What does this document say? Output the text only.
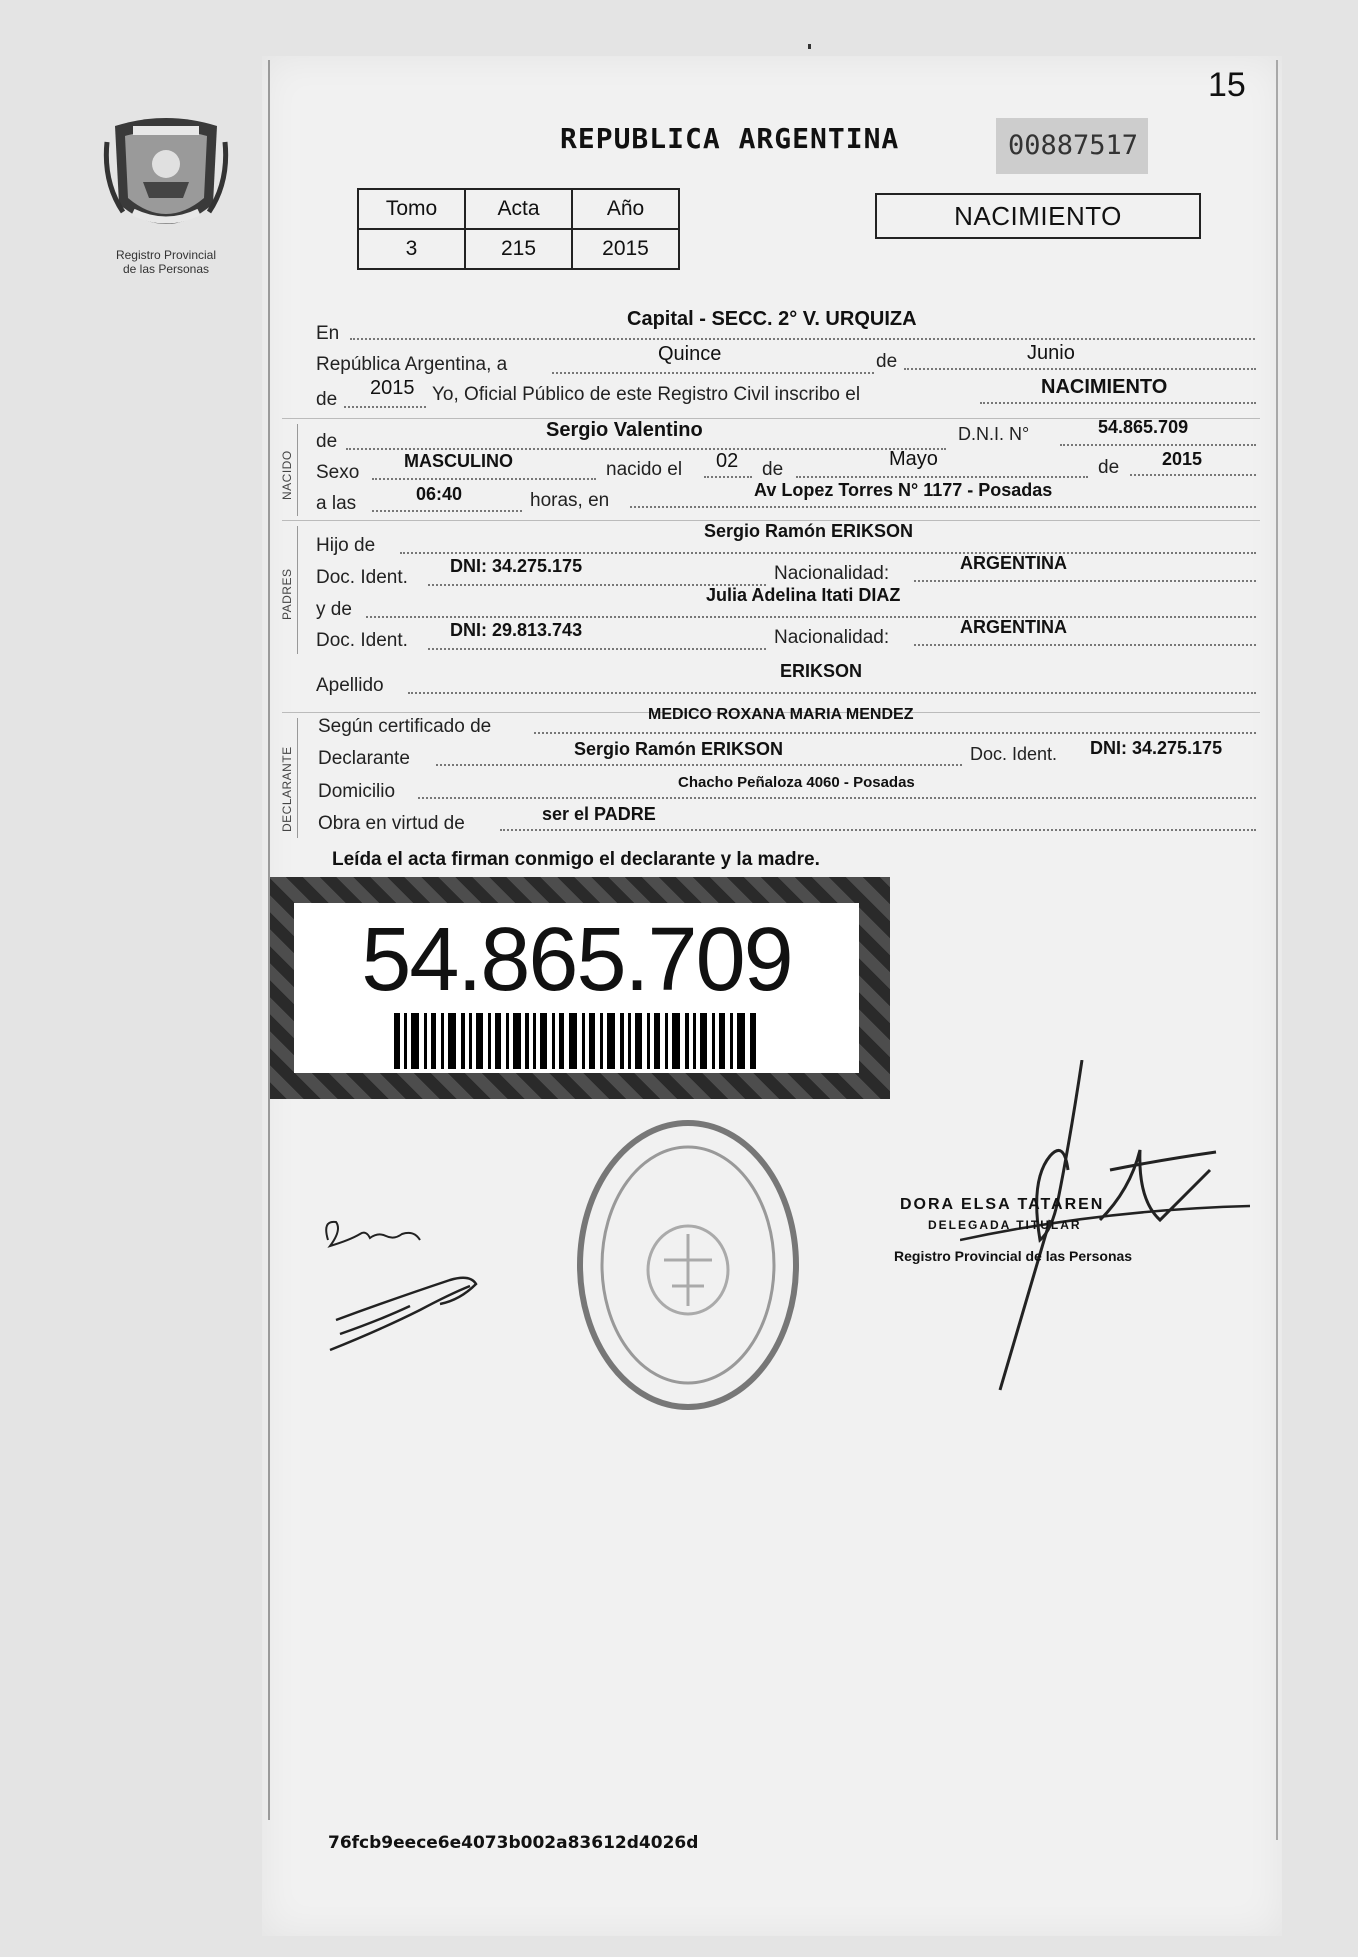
15
Registro Provincial
de las Personas
REPUBLICA ARGENTINA	00887517
Tomo	Acta	Año
3	215	2015
NACIMIENTO
En
Capital - SECC. 2° V. URQUIZA
República Argentina, a	Quince	de	Junio
de
2015 Yo, Oficial Público de este Registro Civil inscribo el	NACIMIENTO
NACIDO
de
Sergio Valentino	D.N.I. N°	54.865.709
Sexo
MASCULINO	nacido el 02 de	Mayo	de 2015
a las	06:40	horas, en	Av Lopez Torres N° 1177 - Posadas
PADRES
Hijo de
Sergio Ramón ERIKSON
Doc. Ident.
DNI: 34.275.175	Nacionalidad:	ARGENTINA
y de
Julia Adelina Itati DIAZ
Doc. Ident. DNI: 29.813.743	Nacionalidad:	ARGENTINA
Apellido
ERIKSON
DECLARANTE
Según certificado de
MEDICO ROXANA MARIA MENDEZ
Declarante	Sergio Ramón ERIKSON	Doc. Ident. DNI: 34.275.175
Domicilio	Chacho Peñaloza 4060 - Posadas
Obra en virtud de	ser el PADRE
Leída el acta firman conmigo el declarante y la madre.
54.865.709
DORA ELSA TATAREN
DELEGADA TITULAR
Registro Provincial de las Personas
76fcb9eece6e4073b002a83612d4026d
